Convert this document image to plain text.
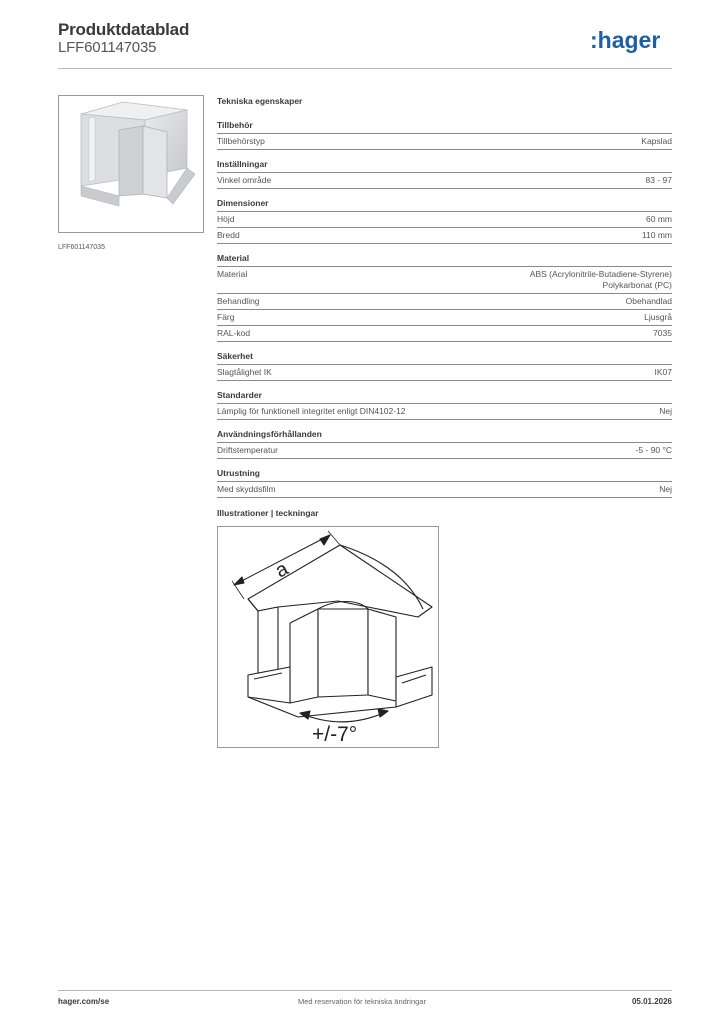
Produktdatablad
LFF601147035	:hager
LFF601147035
Tekniska egenskaper
Tillbehör
Tillbehörstyp	Kapslad
Inställningar
Vinkel område	83 - 97
Dimensioner
Höjd	60 mm
Bredd	110 mm
Material
Material	ABS (Acrylonitrile-Butadiene-Styrene)
Polykarbonat (PC)
Behandling	Obehandlad
Färg	Ljusgrå
RAL-kod	7035
Säkerhet
Slagtålighet IK	IK07
Standarder
Lämplig för funktionell integritet enligt DIN4102-12	Nej
Användningsförhållanden
Driftstemperatur	-5 - 90 °C
Utrustning
Med skyddsfilm	Nej
Illustrationer | teckningar
a
+/-7°
hager.com/se	Med reservation för tekniska ändringar	05.01.2026
